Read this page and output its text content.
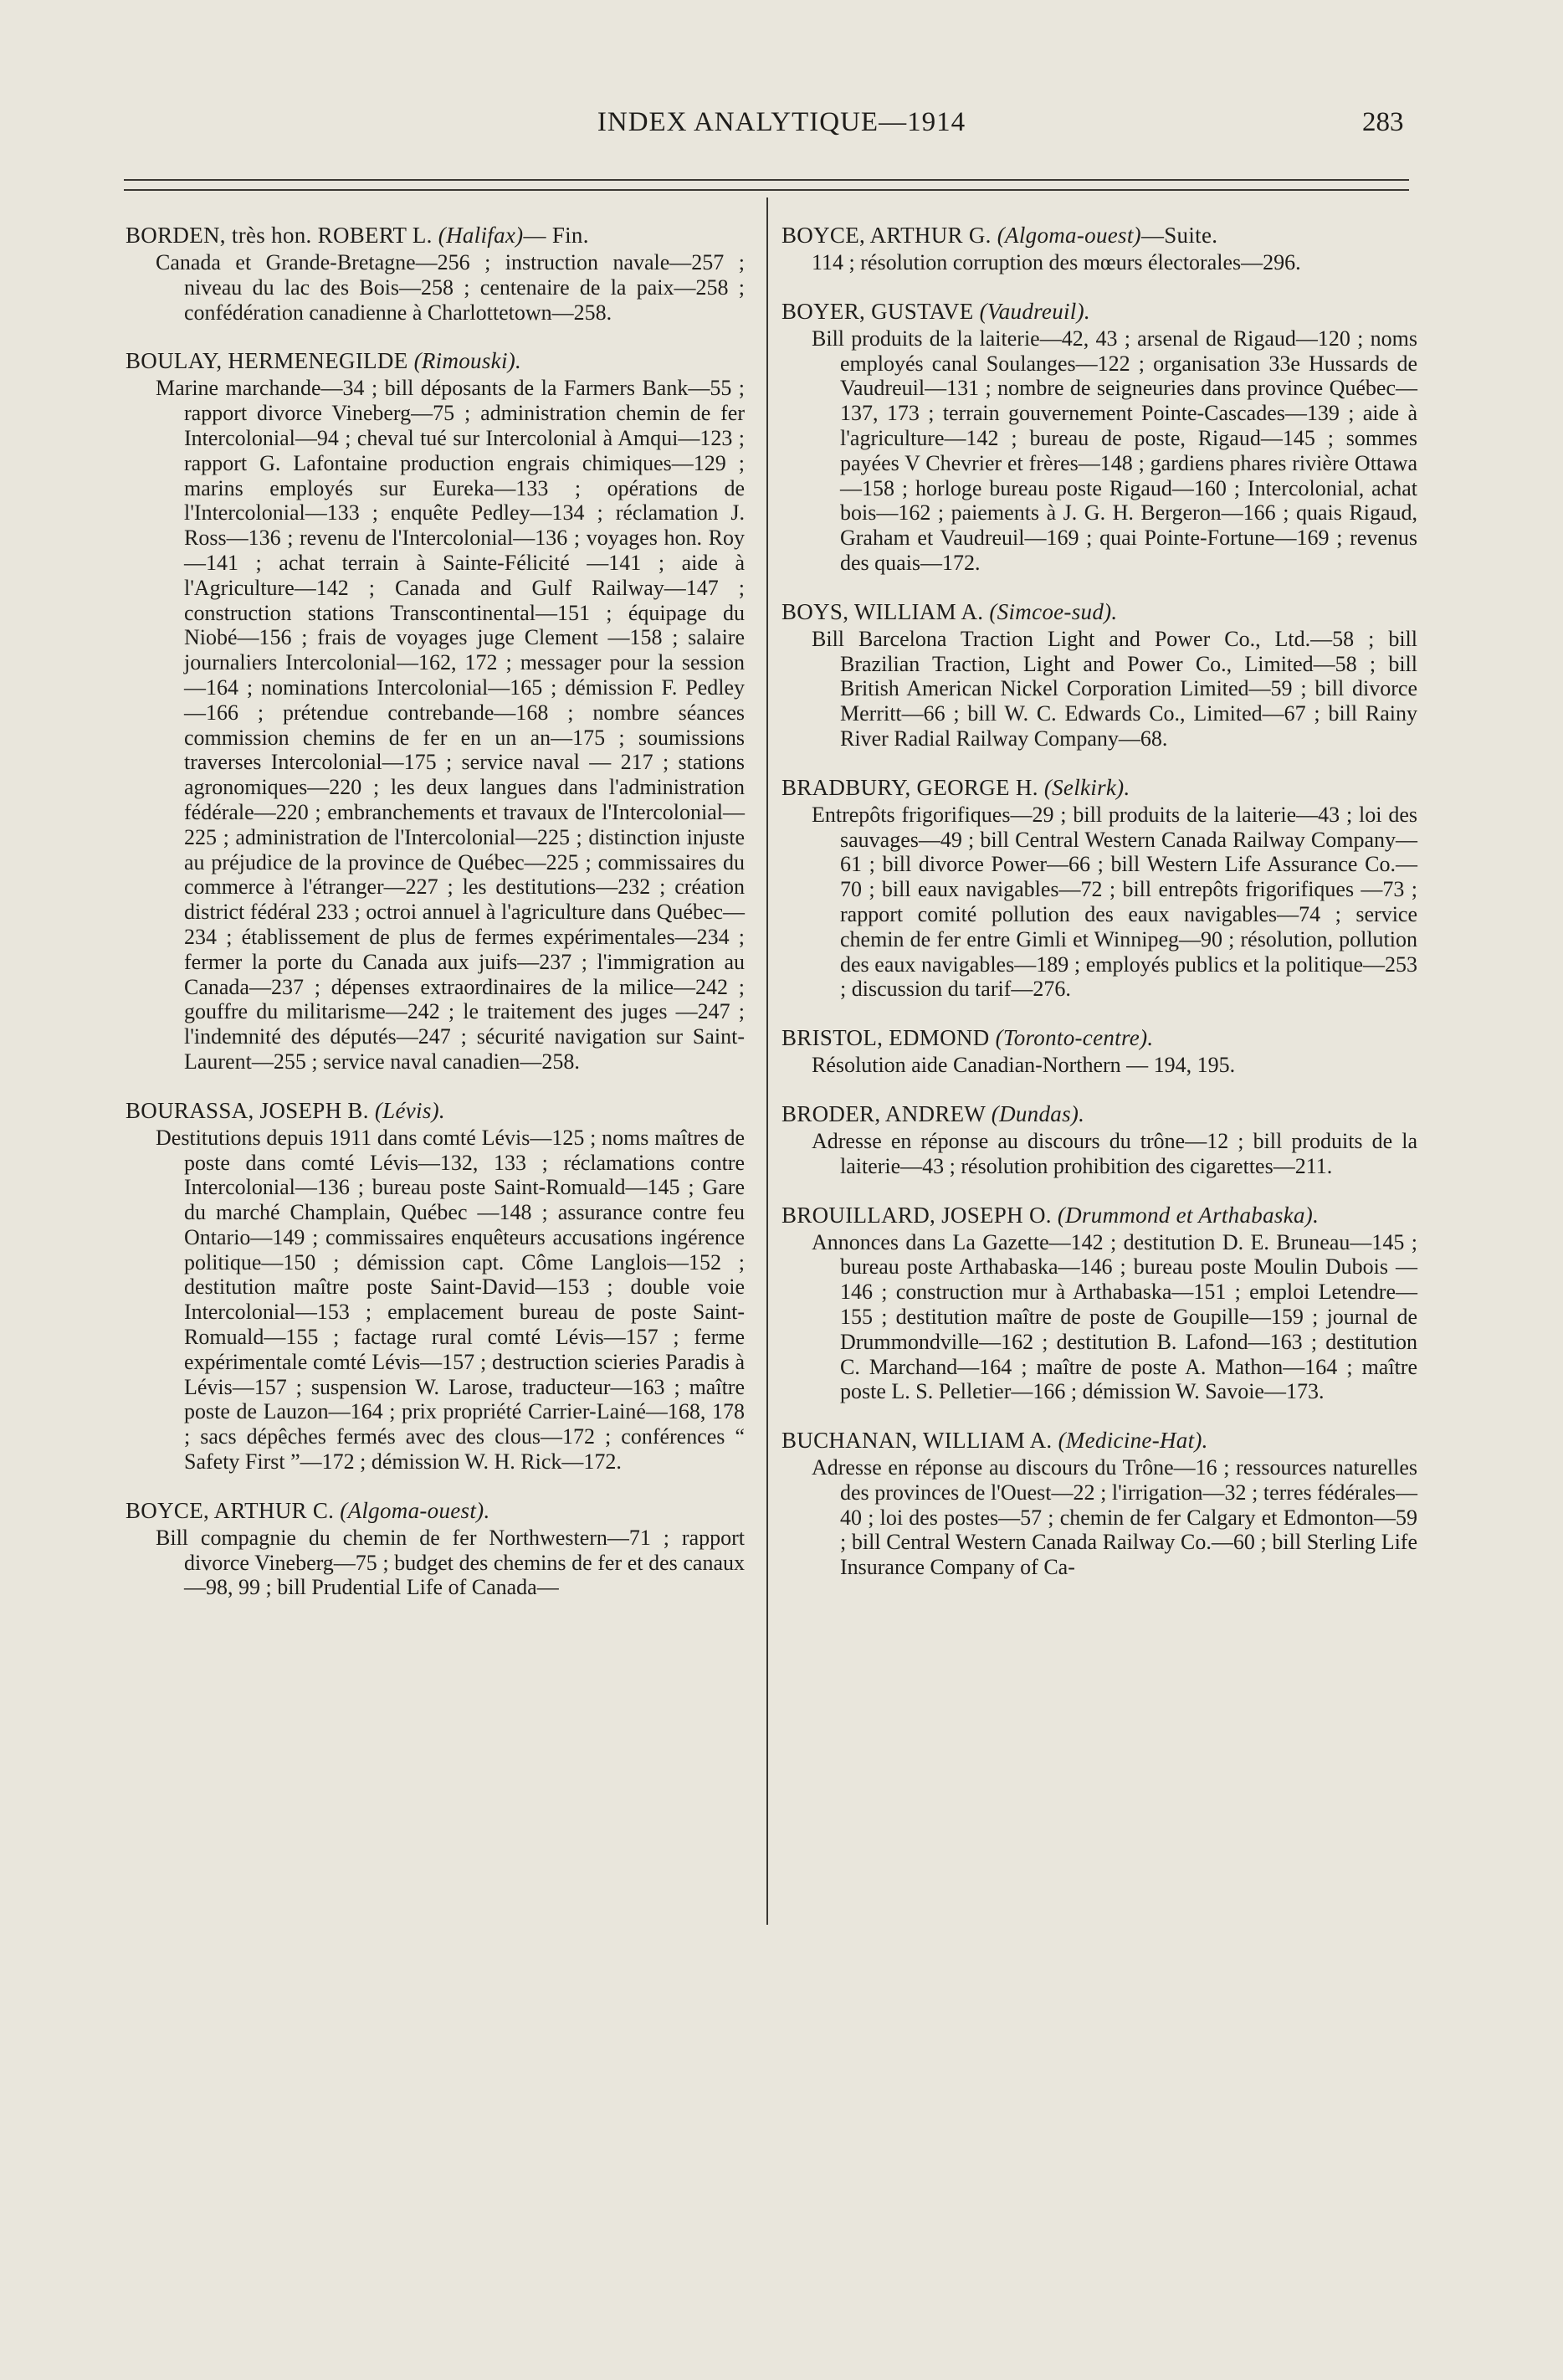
INDEX ANALYTIQUE—1914	283

BORDEN, très hon. ROBERT L. (Halifax)— Fin.

Canada et Grande-Bretagne—256 ; instruction navale—257 ; niveau du lac des Bois—258 ; centenaire de la paix—258 ; confédération canadienne à Charlottetown—258.

BOULAY, HERMENEGILDE (Rimouski).

Marine marchande—34 ; bill déposants de la Farmers Bank—55 ; rapport divorce Vineberg—75 ; administration chemin de fer Intercolonial—94 ; cheval tué sur Intercolonial à Amqui—123 ; rapport G. Lafontaine production engrais chimiques—129 ; marins employés sur Eureka—133 ; opérations de l'Intercolonial—133 ; enquête Pedley—134 ; réclamation J. Ross—136 ; revenu de l'Intercolonial—136 ; voyages hon. Roy—141 ; achat terrain à Sainte-Félicité —141 ; aide à l'Agriculture—142 ; Canada and Gulf Railway—147 ; construction stations Transcontinental—151 ; équipage du Niobé—156 ; frais de voyages juge Clement —158 ; salaire journaliers Intercolonial—162, 172 ; messager pour la session—164 ; nominations Intercolonial—165 ; démission F. Pedley—166 ; prétendue contrebande—168 ; nombre séances commission chemins de fer en un an—175 ; soumissions traverses Intercolonial—175 ; service naval — 217 ; stations agronomiques—220 ; les deux langues dans l'administration fédérale—220 ; embranchements et travaux de l'Intercolonial—225 ; administration de l'Intercolonial—225 ; distinction injuste au préjudice de la province de Québec—225 ; commissaires du commerce à l'étranger—227 ; les destitutions—232 ; création district fédéral 233 ; octroi annuel à l'agriculture dans Québec—234 ; établissement de plus de fermes expérimentales—234 ; fermer la porte du Canada aux juifs—237 ; l'immigration au Canada—237 ; dépenses extraordinaires de la milice—242 ; gouffre du militarisme—242 ; le traitement des juges —247 ; l'indemnité des députés—247 ; sécurité navigation sur Saint-Laurent—255 ; service naval canadien—258.

BOURASSA, JOSEPH B. (Lévis).

Destitutions depuis 1911 dans comté Lévis—125 ; noms maîtres de poste dans comté Lévis—132, 133 ; réclamations contre Intercolonial—136 ; bureau poste Saint-Romuald—145 ; Gare du marché Champlain, Québec —148 ; assurance contre feu Ontario—149 ; commissaires enquêteurs accusations ingérence politique—150 ; démission capt. Côme Langlois—152 ; destitution maître poste Saint-David—153 ; double voie Intercolonial—153 ; emplacement bureau de poste Saint-Romuald—155 ; factage rural comté Lévis—157 ; ferme expérimentale comté Lévis—157 ; destruction scieries Paradis à Lévis—157 ; suspension W. Larose, traducteur—163 ; maître poste de Lauzon—164 ; prix propriété Carrier-Lainé—168, 178 ; sacs dépêches fermés avec des clous—172 ; conférences “ Safety First ”—172 ; démission W. H. Rick—172.

BOYCE, ARTHUR C. (Algoma-ouest).

Bill compagnie du chemin de fer Northwestern—71 ; rapport divorce Vineberg—75 ; budget des chemins de fer et des canaux—98, 99 ; bill Prudential Life of Canada—

BOYCE, ARTHUR G. (Algoma-ouest)—Suite.

114 ; résolution corruption des mœurs électorales—296.

BOYER, GUSTAVE (Vaudreuil).

Bill produits de la laiterie—42, 43 ; arsenal de Rigaud—120 ; noms employés canal Soulanges—122 ; organisation 33e Hussards de Vaudreuil—131 ; nombre de seigneuries dans province Québec—137, 173 ; terrain gouvernement Pointe-Cascades—139 ; aide à l'agriculture—142 ; bureau de poste, Rigaud—145 ; sommes payées V Chevrier et frères—148 ; gardiens phares rivière Ottawa—158 ; horloge bureau poste Rigaud—160 ; Intercolonial, achat bois—162 ; paiements à J. G. H. Bergeron—166 ; quais Rigaud, Graham et Vaudreuil—169 ; quai Pointe-Fortune—169 ; revenus des quais—172.

BOYS, WILLIAM A. (Simcoe-sud).

Bill Barcelona Traction Light and Power Co., Ltd.—58 ; bill Brazilian Traction, Light and Power Co., Limited—58 ; bill British American Nickel Corporation Limited—59 ; bill divorce Merritt—66 ; bill W. C. Edwards Co., Limited—67 ; bill Rainy River Radial Railway Company—68.

BRADBURY, GEORGE H. (Selkirk).

Entrepôts frigorifiques—29 ; bill produits de la laiterie—43 ; loi des sauvages—49 ; bill Central Western Canada Railway Company—61 ; bill divorce Power—66 ; bill Western Life Assurance Co.—70 ; bill eaux navigables—72 ; bill entrepôts frigorifiques —73 ; rapport comité pollution des eaux navigables—74 ; service chemin de fer entre Gimli et Winnipeg—90 ; résolution, pollution des eaux navigables—189 ; employés publics et la politique—253 ; discussion du tarif—276.

BRISTOL, EDMOND (Toronto-centre).

Résolution aide Canadian-Northern — 194, 195.

BRODER, ANDREW (Dundas).

Adresse en réponse au discours du trône—12 ; bill produits de la laiterie—43 ; résolution prohibition des cigarettes—211.

BROUILLARD, JOSEPH O. (Drummond et Arthabaska).

Annonces dans La Gazette—142 ; destitution D. E. Bruneau—145 ; bureau poste Arthabaska—146 ; bureau poste Moulin Dubois —146 ; construction mur à Arthabaska—151 ; emploi Letendre—155 ; destitution maître de poste de Goupille—159 ; journal de Drummondville—162 ; destitution B. Lafond—163 ; destitution C. Marchand—164 ; maître de poste A. Mathon—164 ; maître poste L. S. Pelletier—166 ; démission W. Savoie—173.

BUCHANAN, WILLIAM A. (Medicine-Hat).

Adresse en réponse au discours du Trône—16 ; ressources naturelles des provinces de l'Ouest—22 ; l'irrigation—32 ; terres fédérales—40 ; loi des postes—57 ; chemin de fer Calgary et Edmonton—59 ; bill Central Western Canada Railway Co.—60 ; bill Sterling Life Insurance Company of Ca-
